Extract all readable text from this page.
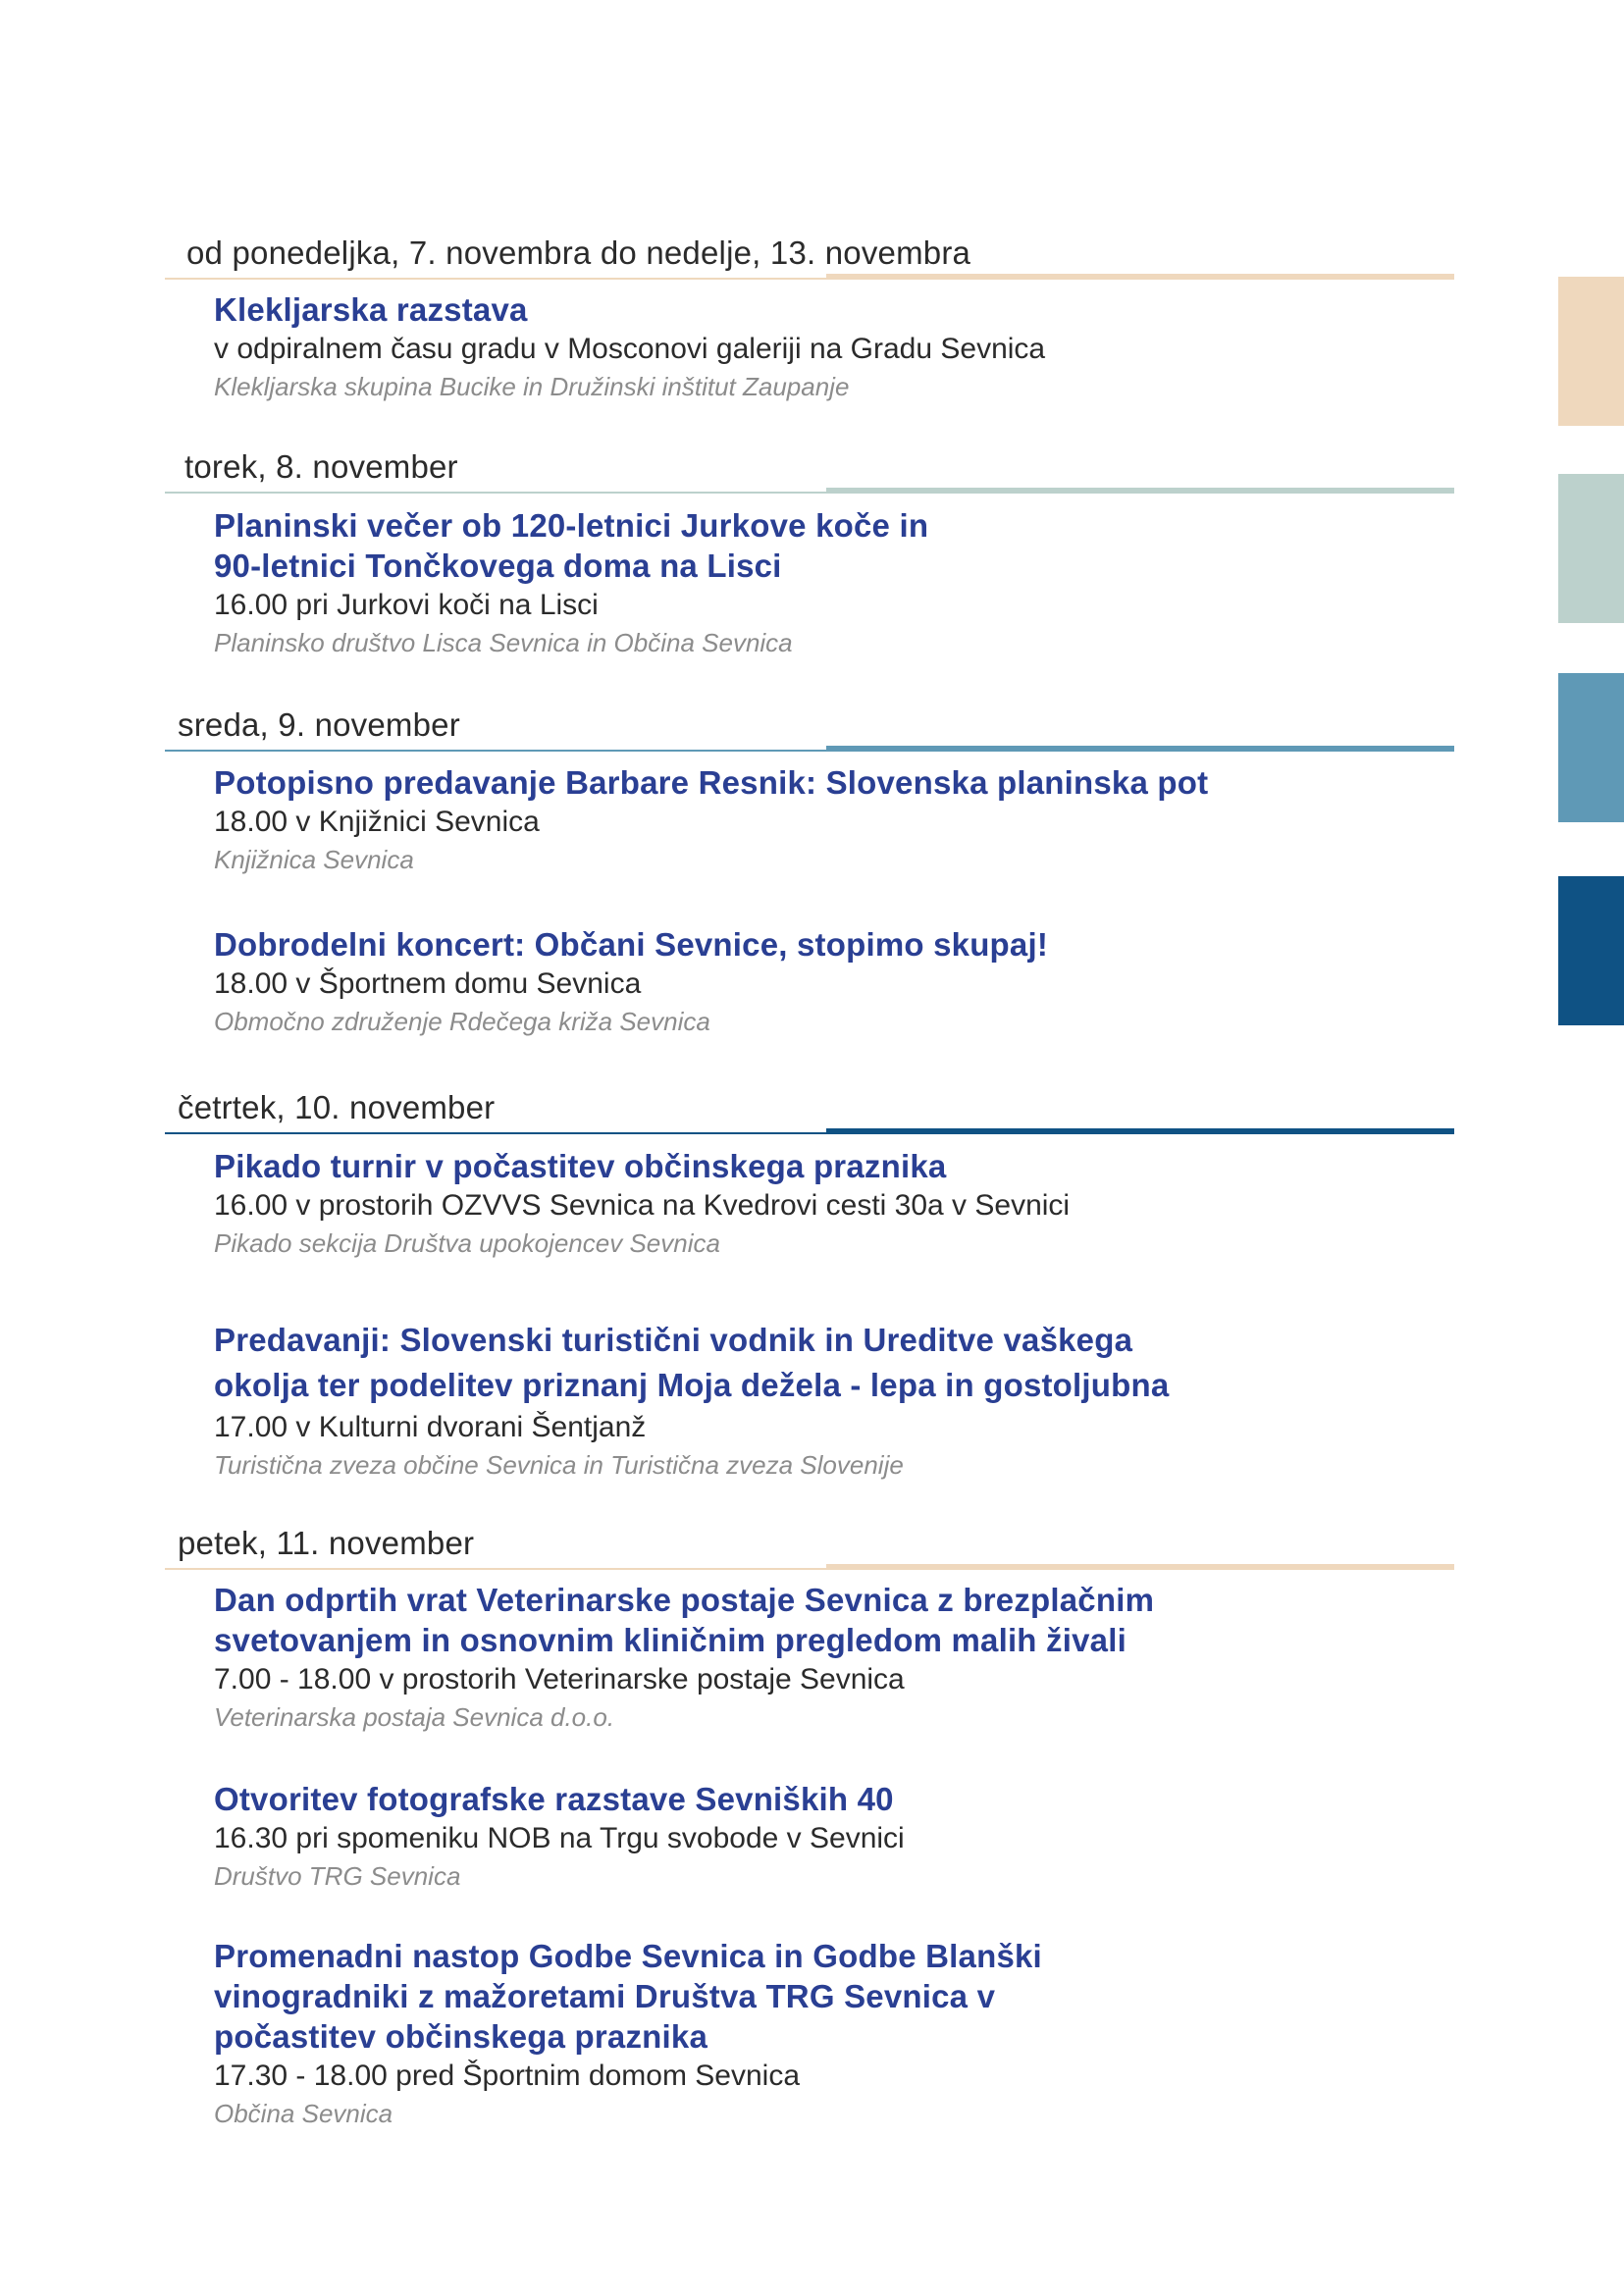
od ponedeljka, 7. novembra do nedelje, 13. novembra
Klekljarska razstava
v odpiralnem času gradu v Mosconovi galeriji na Gradu Sevnica
Klekljarska skupina Bucike in Družinski inštitut Zaupanje
torek, 8. november
Planinski večer ob 120-letnici Jurkove koče in
90-letnici Tončkovega doma na Lisci
16.00 pri Jurkovi koči na Lisci
Planinsko društvo Lisca Sevnica in Občina Sevnica
sreda, 9. november
Potopisno predavanje Barbare Resnik: Slovenska planinska pot
18.00 v Knjižnici Sevnica
Knjižnica Sevnica
Dobrodelni koncert: Občani Sevnice, stopimo skupaj!
18.00 v Športnem domu Sevnica
Območno združenje Rdečega križa Sevnica
četrtek, 10. november
Pikado turnir v počastitev občinskega praznika
16.00 v prostorih OZVVS Sevnica na Kvedrovi cesti 30a v Sevnici
Pikado sekcija Društva upokojencev Sevnica
Predavanji: Slovenski turistični vodnik in Ureditve vaškega
okolja ter podelitev priznanj Moja dežela - lepa in gostoljubna
17.00 v Kulturni dvorani Šentjanž
Turistična zveza občine Sevnica in Turistična zveza Slovenije
petek, 11. november
Dan odprtih vrat Veterinarske postaje Sevnica z brezplačnim
svetovanjem in osnovnim kliničnim pregledom malih živali
7.00 - 18.00 v prostorih Veterinarske postaje Sevnica
Veterinarska postaja Sevnica d.o.o.
Otvoritev fotografske razstave Sevniških 40
16.30 pri spomeniku NOB na Trgu svobode v Sevnici
Društvo TRG Sevnica
Promenadni nastop Godbe Sevnica in Godbe Blanški
vinogradniki z mažoretami Društva TRG Sevnica v
počastitev občinskega praznika
17.30 - 18.00 pred Športnim domom Sevnica
Občina Sevnica
